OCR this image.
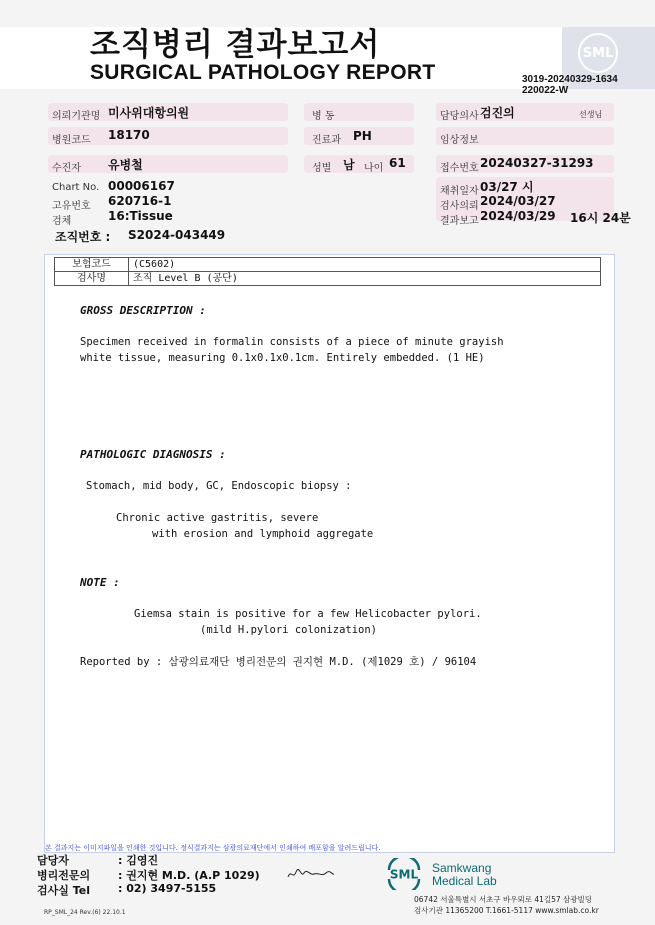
SML
조직병리 결과보고서
SURGICAL PATHOLOGY REPORT	3019-20240329-1634
220022-W
의뢰기관명 미사위대항의원
병원코드 18170
수진자 유병철
Chart No. 00006167
고유번호 620716-1
검체	16:Tissue
조직번호 : S2024-043449
병 동
진료과 PH
성별 남 나이 61
담당의사 검진의	선생님
임상정보
접수번호 20240327-31293
채취일자 03/27 시
검사의뢰 2024/03/27
결과보고 2024/03/29 16시 24분
보험코드	(C5602)
검사명	조직 Level B (공단)
GROSS DESCRIPTION :
Specimen received in formalin consists of a piece of minute grayish
white tissue, measuring 0.1x0.1x0.1cm. Entirely embedded. (1 HE)
PATHOLOGIC DIAGNOSIS :
Stomach, mid body, GC, Endoscopic biopsy :
Chronic active gastritis, severe
with erosion and lymphoid aggregate
NOTE :
Giemsa stain is positive for a few Helicobacter pylori.
(mild H.pylori colonization)
Reported by : 삼광의료재단 병리전문의 권지현 M.D. (제1029 호) / 96104
본 결과지는 이미지파일을 인쇄한 것입니다. 정식결과지는 삼광의료재단에서 인쇄하여 배포함을 알려드립니다.
담당자	: 김영진
병리전문의	: 권지현 M.D. (A.P 1029)
검사실 Tel	: 02) 3497-5155
SML Samkwang
Medical Lab
06742 서울특별시 서초구 바우뫼로 41길57 삼광빌딩
검사기관 11365200 T.1661-5117 www.smlab.co.kr
RP_SML_24 Rev.(6) 22.10.1
